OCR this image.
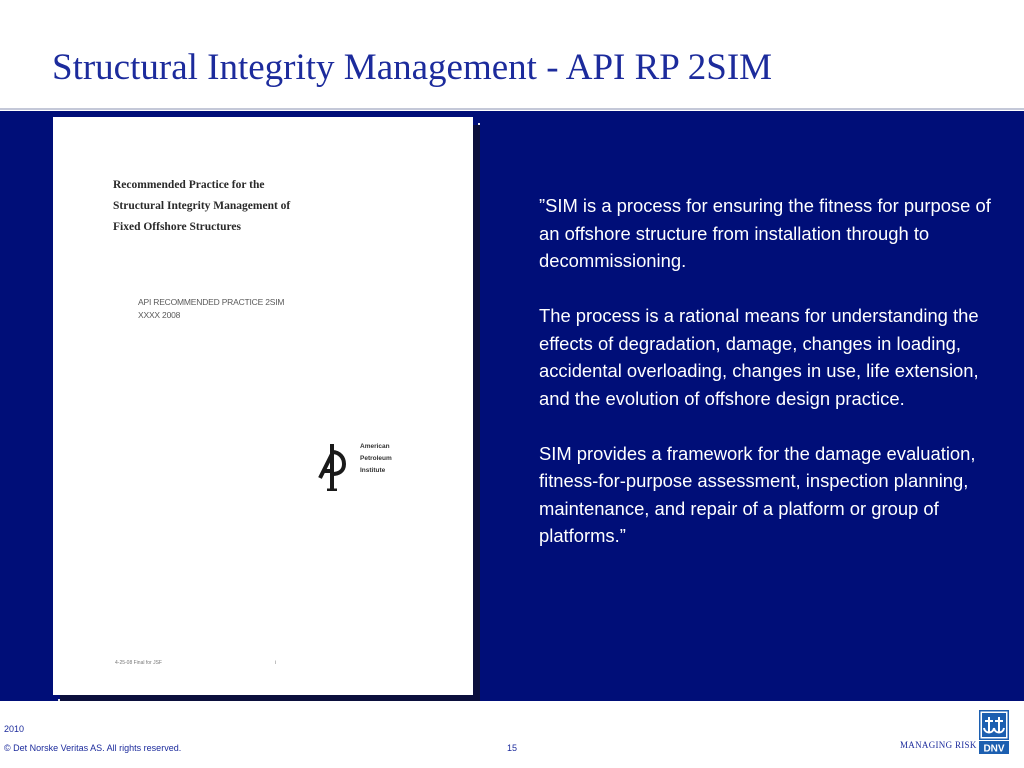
Structural Integrity Management - API RP 2SIM
Recommended Practice for the
Structural Integrity Management of
Fixed Offshore Structures
API RECOMMENDED PRACTICE 2SIM
XXXX 2008
American
Petroleum
Institute
4-25-08 Final for JSF	i

”SIM is a process for ensuring the fitness for purpose of an offshore structure from installation through to decommissioning.

The process is a rational means for understanding the effects of degradation, damage, changes in loading, accidental overloading, changes in use, life extension, and the evolution of offshore design practice.

SIM provides a framework for the damage evaluation, fitness-for-purpose assessment, inspection planning, maintenance, and repair of a platform or group of platforms.”

2010
© Det Norske Veritas AS. All rights reserved.	15	MANAGING RISK DNV
